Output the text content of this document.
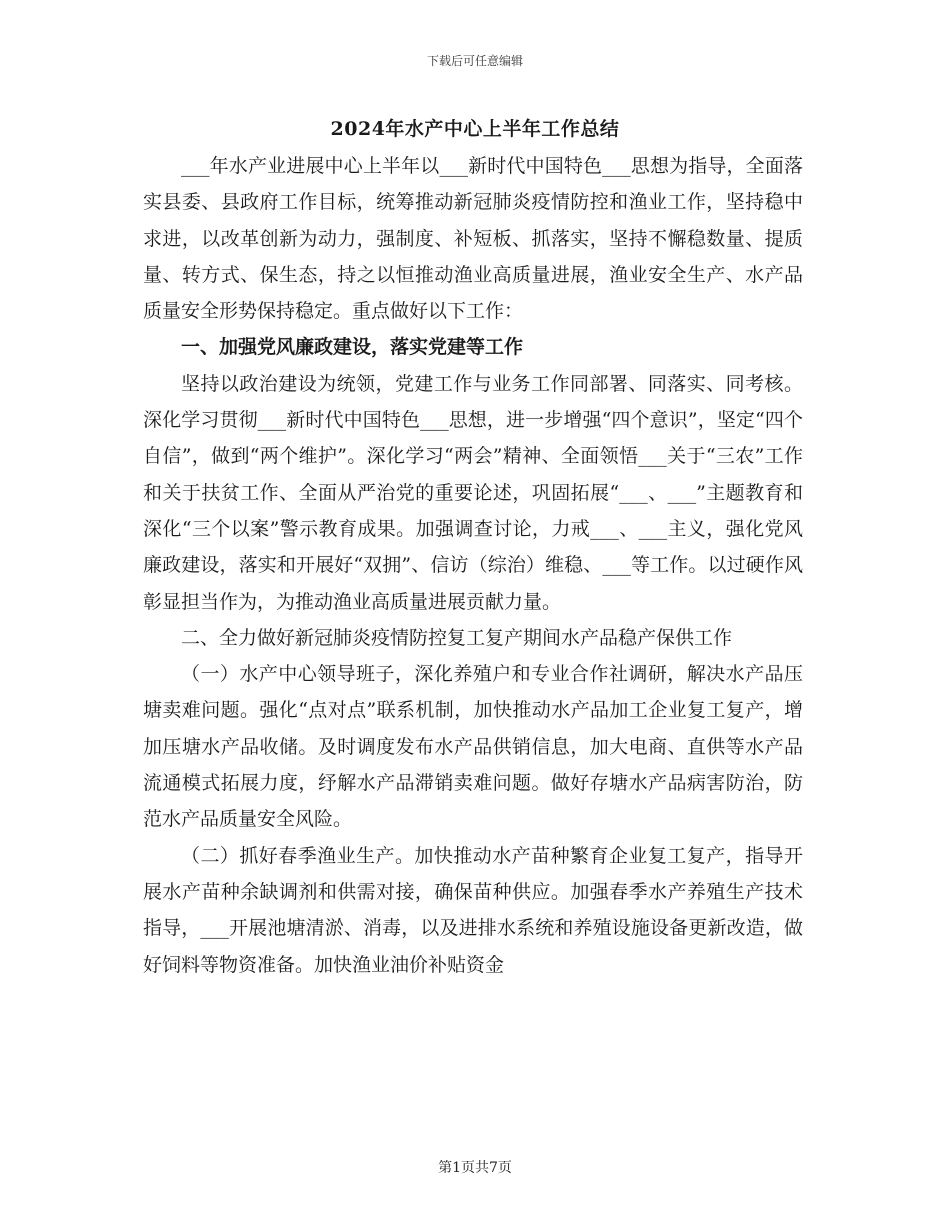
下载后可任意编辑
2024年水产中心上半年工作总结

___年水产业进展中心上半年以___新时代中国特色___思想为指导，全面落实县委、县政府工作目标，统筹推动新冠肺炎疫情防控和渔业工作，坚持稳中求进，以改革创新为动力，强制度、补短板、抓落实，坚持不懈稳数量、提质量、转方式、保生态，持之以恒推动渔业高质量进展，渔业安全生产、水产品质量安全形势保持稳定。重点做好以下工作：

一、加强党风廉政建设，落实党建等工作

坚持以政治建设为统领，党建工作与业务工作同部署、同落实、同考核。深化学习贯彻___新时代中国特色___思想，进一步增强“四个意识”，坚定“四个自信”，做到“两个维护”。深化学习“两会”精神、全面领悟___关于“三农”工作和关于扶贫工作、全面从严治党的重要论述，巩固拓展“___、___”主题教育和深化“三个以案”警示教育成果。加强调查讨论，力戒___、___主义，强化党风廉政建设，落实和开展好“双拥”、信访（综治）维稳、___等工作。以过硬作风彰显担当作为，为推动渔业高质量进展贡献力量。

二、全力做好新冠肺炎疫情防控复工复产期间水产品稳产保供工作

（一）水产中心领导班子，深化养殖户和专业合作社调研，解决水产品压塘卖难问题。强化“点对点”联系机制，加快推动水产品加工企业复工复产，增加压塘水产品收储。及时调度发布水产品供销信息，加大电商、直供等水产品流通模式拓展力度，纾解水产品滞销卖难问题。做好存塘水产品病害防治，防范水产品质量安全风险。

（二）抓好春季渔业生产。加快推动水产苗种繁育企业复工复产，指导开展水产苗种余缺调剂和供需对接，确保苗种供应。加强春季水产养殖生产技术指导，___开展池塘清淤、消毒，以及进排水系统和养殖设施设备更新改造，做好饲料等物资准备。加快渔业油价补贴资金

第1页共7页
